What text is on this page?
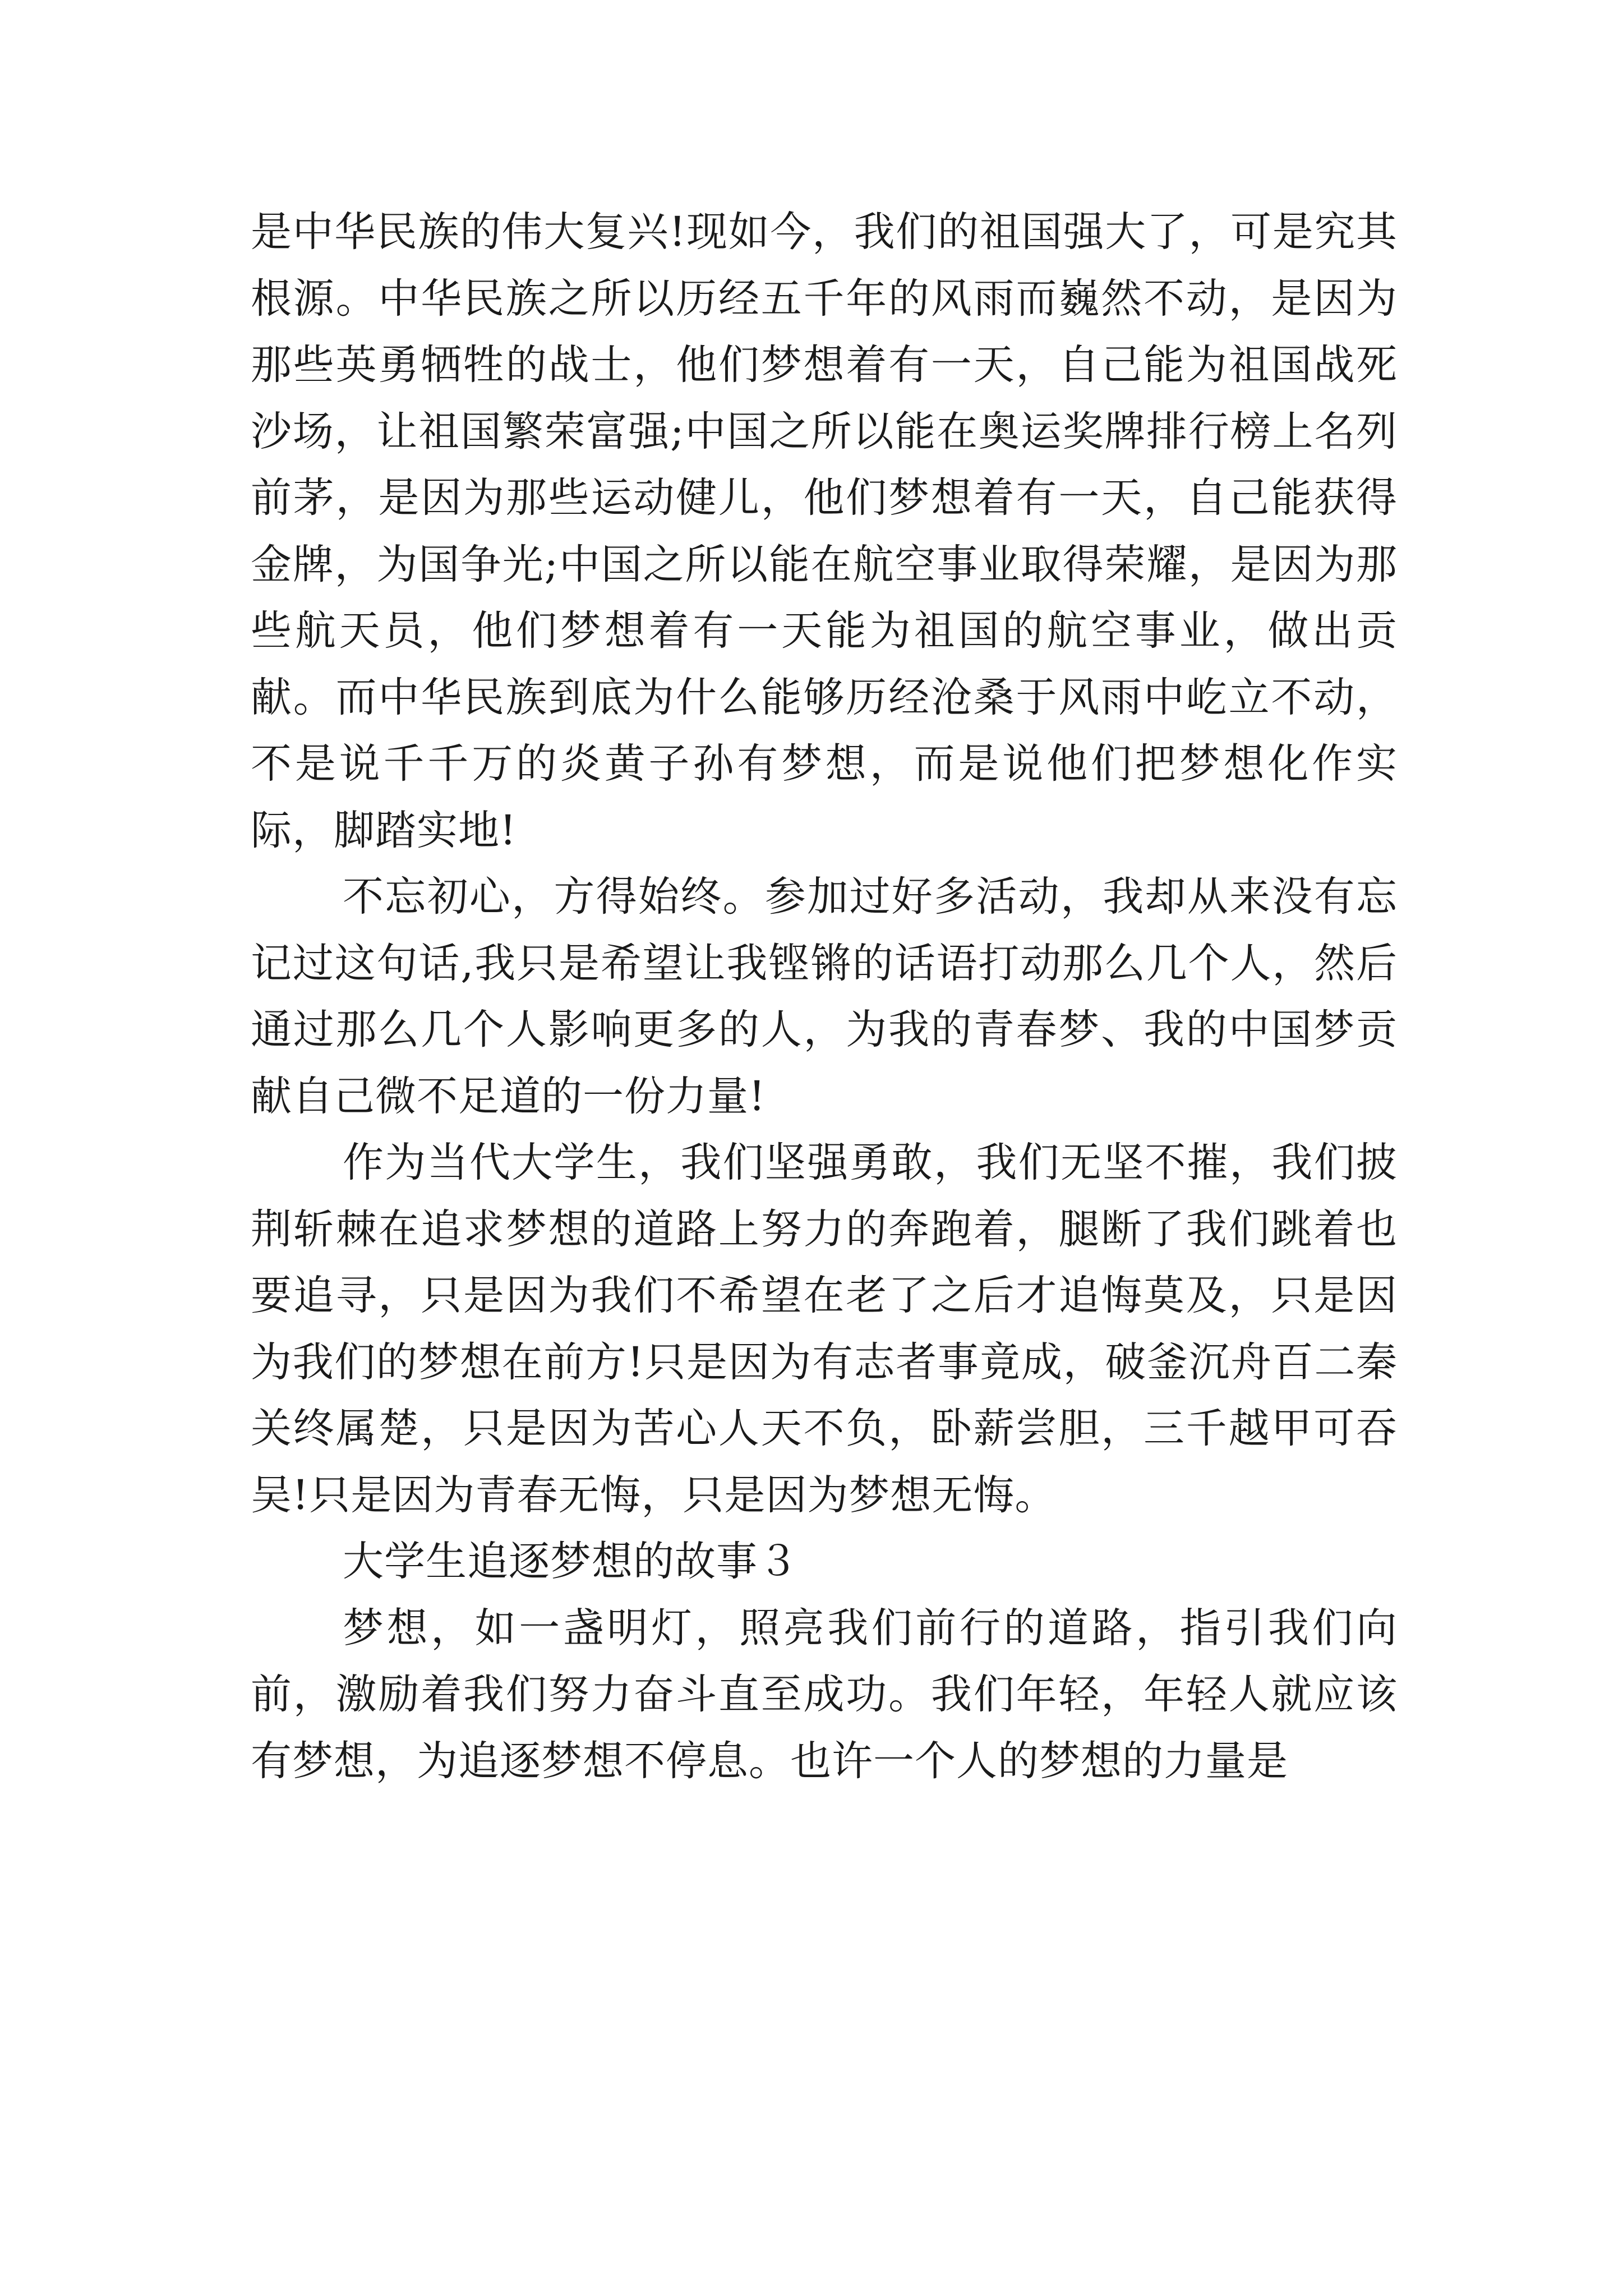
是中华民族的伟大复兴!现如今，我们的祖国强大了，可是究其根源。中华民族之所以历经五千年的风雨而巍然不动，是因为那些英勇牺牲的战士，他们梦想着有一天，自己能为祖国战死沙场，让祖国繁荣富强;中国之所以能在奥运奖牌排行榜上名列前茅，是因为那些运动健儿，他们梦想着有一天，自己能获得金牌，为国争光;中国之所以能在航空事业取得荣耀，是因为那些航天员，他们梦想着有一天能为祖国的航空事业，做出贡献。而中华民族到底为什么能够历经沧桑于风雨中屹立不动，不是说千千万的炎黄子孙有梦想，而是说他们把梦想化作实际，脚踏实地!

不忘初心，方得始终。参加过好多活动，我却从来没有忘记过这句话,我只是希望让我铿锵的话语打动那么几个人，然后通过那么几个人影响更多的人，为我的青春梦、我的中国梦贡献自己微不足道的一份力量!

作为当代大学生，我们坚强勇敢，我们无坚不摧，我们披荆斩棘在追求梦想的道路上努力的奔跑着，腿断了我们跳着也要追寻，只是因为我们不希望在老了之后才追悔莫及，只是因为我们的梦想在前方!只是因为有志者事竟成，破釜沉舟百二秦关终属楚，只是因为苦心人天不负，卧薪尝胆，三千越甲可吞吴!只是因为青春无悔，只是因为梦想无悔。

大学生追逐梦想的故事３

梦想，如一盏明灯，照亮我们前行的道路，指引我们向前，激励着我们努力奋斗直至成功。我们年轻，年轻人就应该有梦想，为追逐梦想不停息。也许一个人的梦想的力量是
